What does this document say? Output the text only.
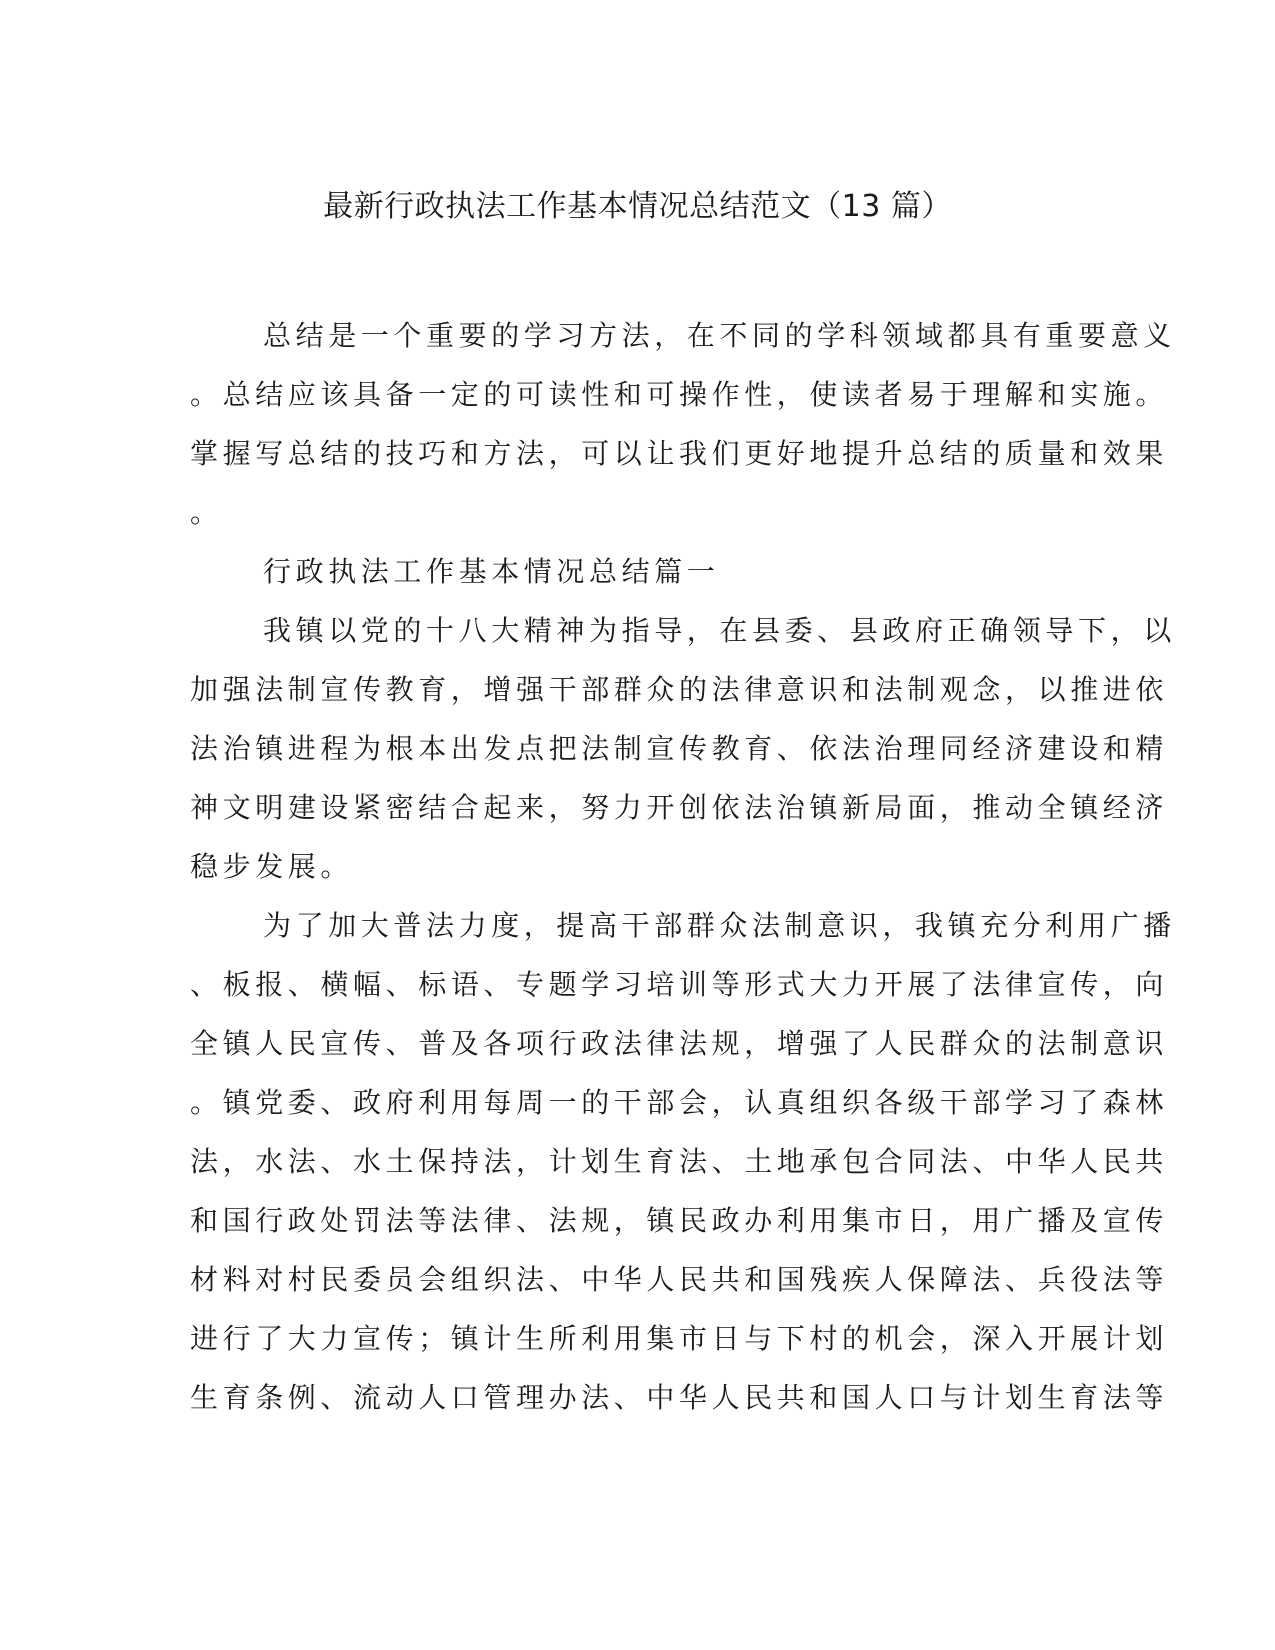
最新行政执法工作基本情况总结范文（13 篇）
总结是一个重要的学习方法，在不同的学科领域都具有重要意义
。总结应该具备一定的可读性和可操作性，使读者易于理解和实施。
掌握写总结的技巧和方法，可以让我们更好地提升总结的质量和效果
。
行政执法工作基本情况总结篇一
我镇以党的十八大精神为指导，在县委、县政府正确领导下，以
加强法制宣传教育，增强干部群众的法律意识和法制观念，以推进依
法治镇进程为根本出发点把法制宣传教育、依法治理同经济建设和精
神文明建设紧密结合起来，努力开创依法治镇新局面，推动全镇经济
稳步发展。
为了加大普法力度，提高干部群众法制意识，我镇充分利用广播
、板报、横幅、标语、专题学习培训等形式大力开展了法律宣传，向
全镇人民宣传、普及各项行政法律法规，增强了人民群众的法制意识
。镇党委、政府利用每周一的干部会，认真组织各级干部学习了森林
法，水法、水土保持法，计划生育法、土地承包合同法、中华人民共
和国行政处罚法等法律、法规，镇民政办利用集市日，用广播及宣传
材料对村民委员会组织法、中华人民共和国残疾人保障法、兵役法等
进行了大力宣传；镇计生所利用集市日与下村的机会，深入开展计划
生育条例、流动人口管理办法、中华人民共和国人口与计划生育法等
